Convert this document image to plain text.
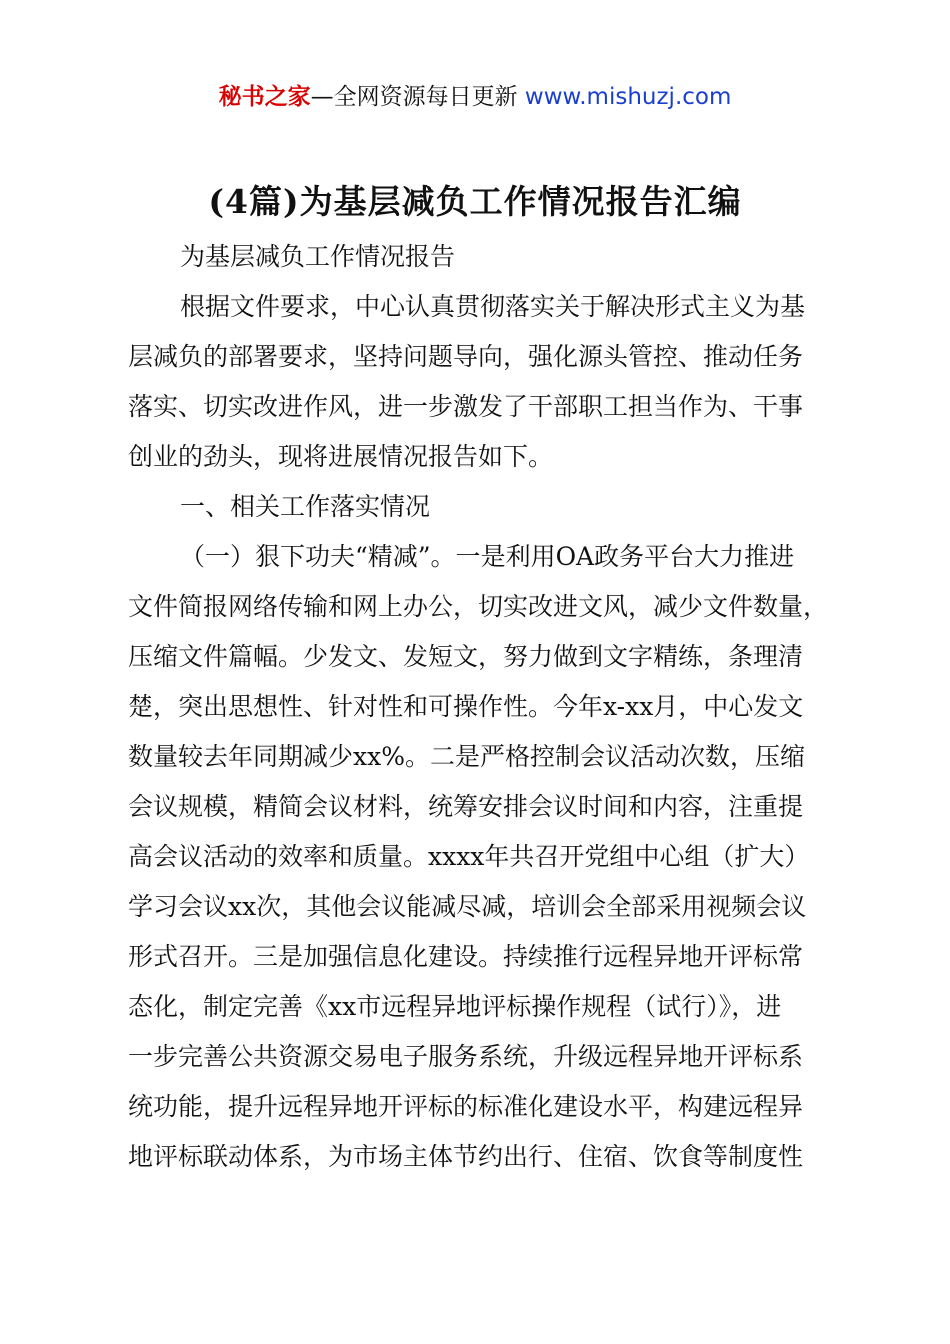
秘书之家—全网资源每日更新 www.mishuzj.com
(4篇)为基层减负工作情况报告汇编
为基层减负工作情况报告
根据文件要求，中心认真贯彻落实关于解决形式主义为基
层减负的部署要求，坚持问题导向，强化源头管控、推动任务
落实、切实改进作风，进一步激发了干部职工担当作为、干事
创业的劲头，现将进展情况报告如下。
一、相关工作落实情况
（一）狠下功夫“精减”。一是利用OA政务平台大力推进
文件简报网络传输和网上办公，切实改进文风，减少文件数量，
压缩文件篇幅。少发文、发短文，努力做到文字精练，条理清
楚，突出思想性、针对性和可操作性。今年x-xx月，中心发文
数量较去年同期减少xx%。二是严格控制会议活动次数，压缩
会议规模，精简会议材料，统筹安排会议时间和内容，注重提
高会议活动的效率和质量。xxxx年共召开党组中心组（扩大）
学习会议xx次，其他会议能减尽减，培训会全部采用视频会议
形式召开。三是加强信息化建设。持续推行远程异地开评标常
态化，制定完善《xx市远程异地评标操作规程（试行）》，进
一步完善公共资源交易电子服务系统，升级远程异地开评标系
统功能，提升远程异地开评标的标准化建设水平，构建远程异
地评标联动体系，为市场主体节约出行、住宿、饮食等制度性
